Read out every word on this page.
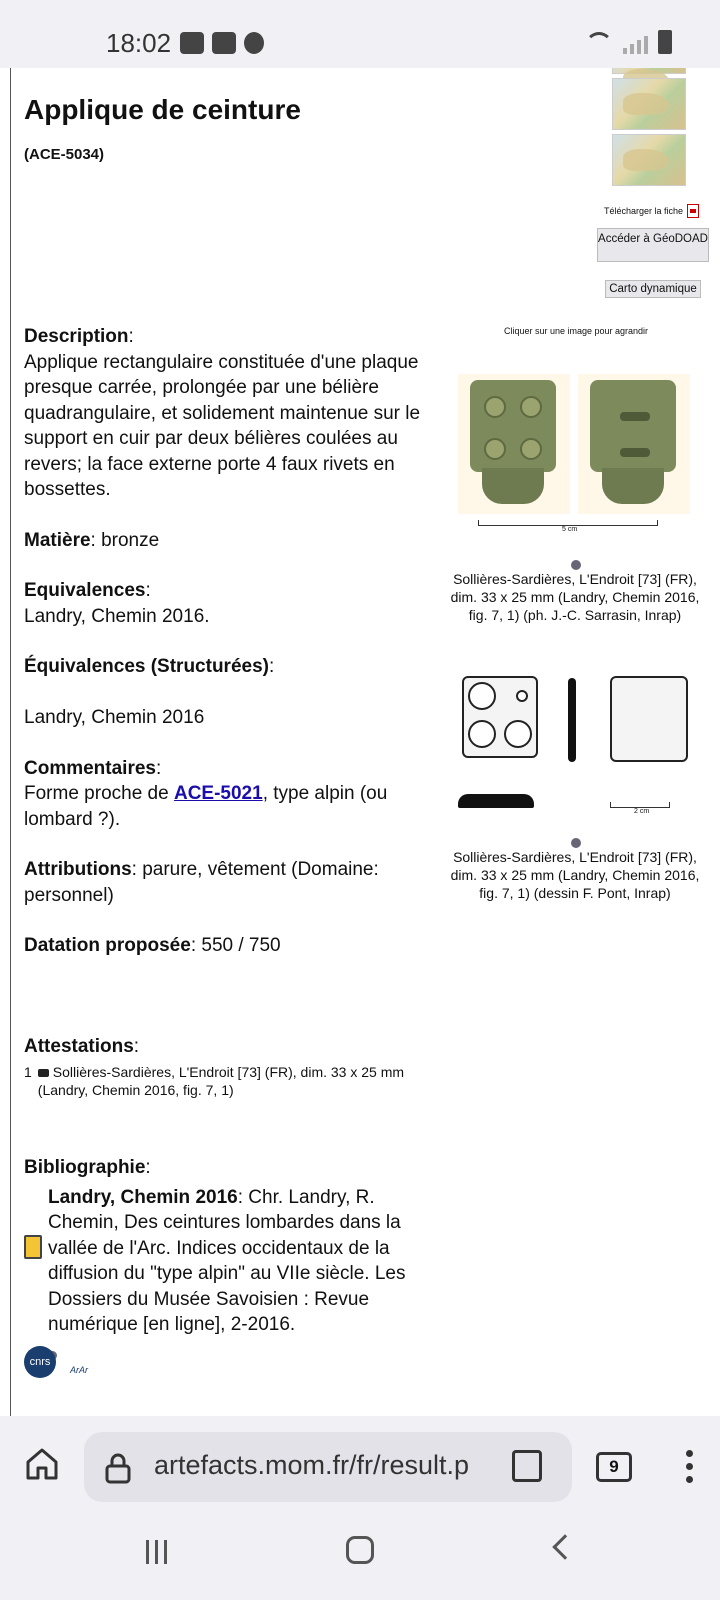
18:02
Applique de ceinture
(ACE-5034)
Télécharger la fiche
Accéder à GéoDOAD
Carto dynamique
Cliquer sur une image pour agrandir
5 cm
Sollières-Sardières, L'Endroit [73] (FR), dim. 33 x 25 mm (Landry, Chemin 2016, fig. 7, 1) (ph. J.-C. Sarrasin, Inrap)
2 cm
Sollières-Sardières, L'Endroit [73] (FR), dim. 33 x 25 mm (Landry, Chemin 2016, fig. 7, 1) (dessin F. Pont, Inrap)
Description:
Applique rectangulaire constituée d'une plaque presque carrée, prolongée par une bélière quadrangulaire, et solidement maintenue sur le support en cuir par deux bélières coulées au revers; la face externe porte 4 faux rivets en bossettes.
Matière: bronze
Equivalences:
Landry, Chemin 2016.
Équivalences (Structurées):

Landry, Chemin 2016
Commentaires:
Forme proche de ACE-5021, type alpin (ou lombard ?).
Attributions: parure, vêtement (Domaine: personnel)
Datation proposée: 550 / 750
Attestations:
1	Sollières-Sardières, L'Endroit [73] (FR), dim. 33 x 25 mm (Landry, Chemin 2016, fig. 7, 1)
Bibliographie:
Landry, Chemin 2016: Chr. Landry, R. Chemin, Des ceintures lombardes dans la vallée de l'Arc. Indices occidentaux de la diffusion du "type alpin" au VIIe siècle. Les Dossiers du Musée Savoisien : Revue numérique [en ligne], 2-2016.
cnrs
ArAr
artefacts.mom.fr/fr/result.p	9
